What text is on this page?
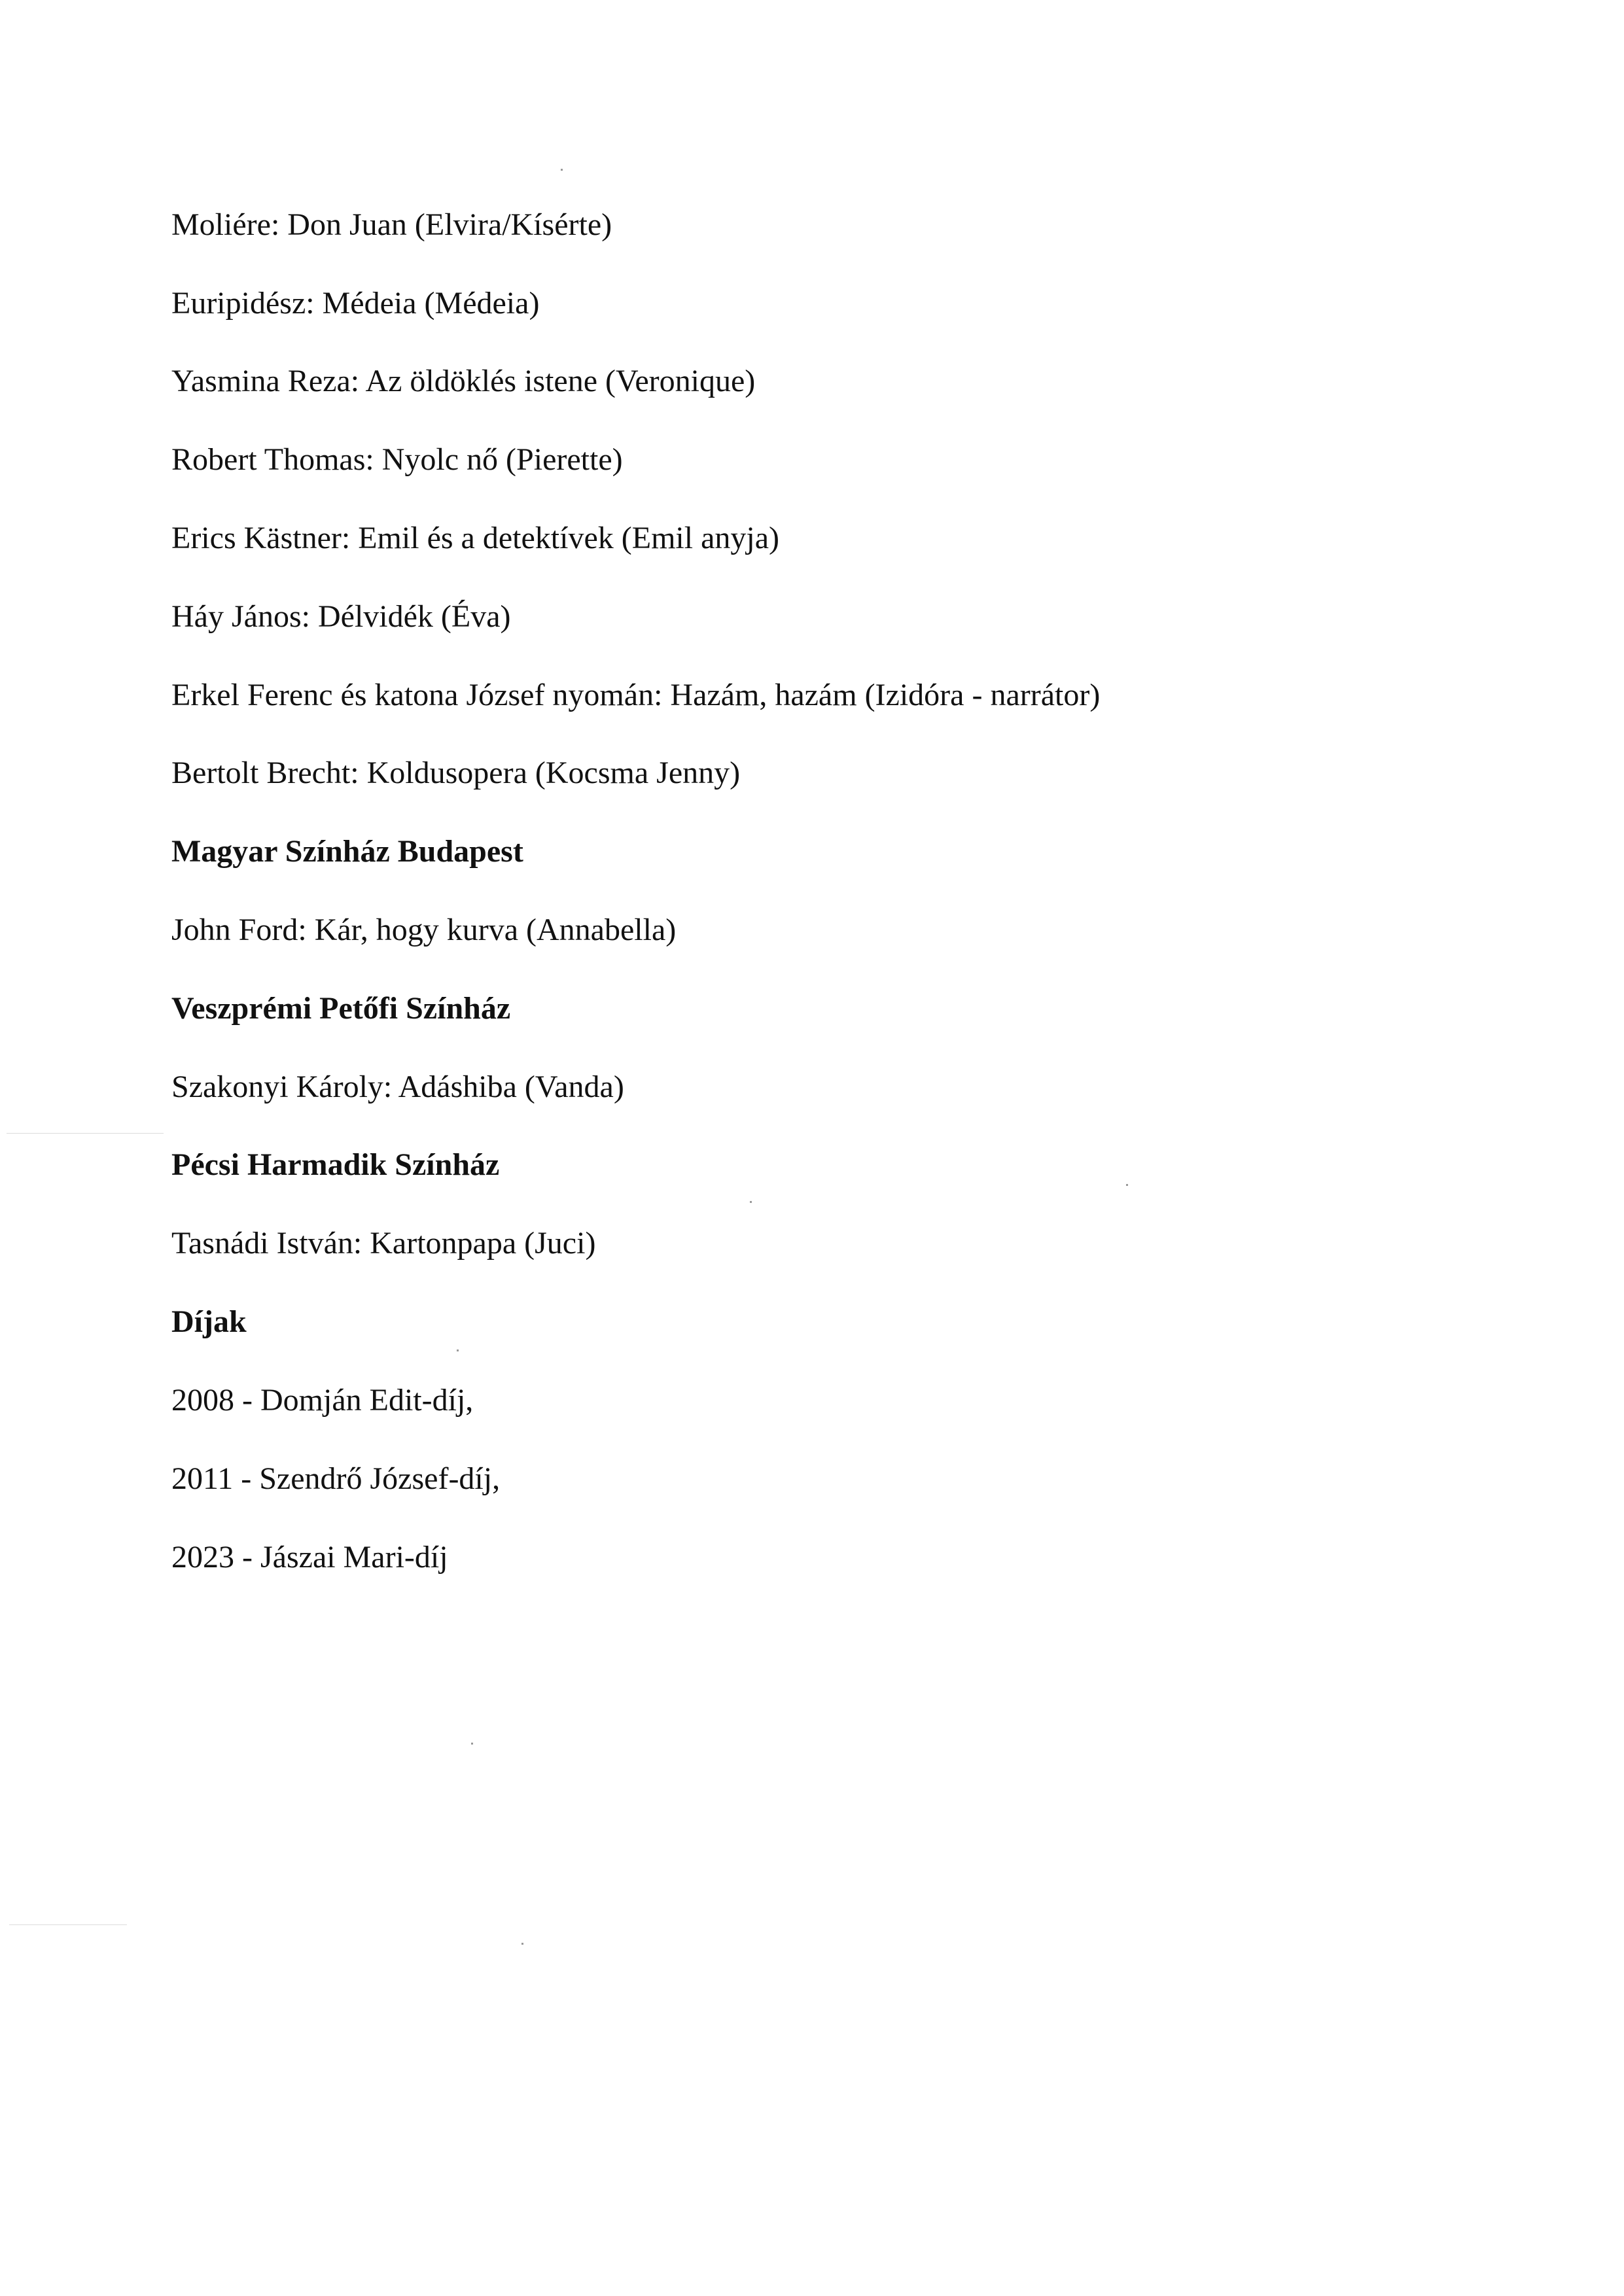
Moliére: Don Juan (Elvira/Kísérte)
Euripidész: Médeia (Médeia)
Yasmina Reza: Az öldöklés istene (Veronique)
Robert Thomas: Nyolc nő (Pierette)
Erics Kästner: Emil és a detektívek (Emil anyja)
Háy János: Délvidék (Éva)
Erkel Ferenc és katona József nyomán: Hazám, hazám (Izidóra - narrátor)
Bertolt Brecht: Koldusopera (Kocsma Jenny)
Magyar Színház Budapest
John Ford: Kár, hogy kurva (Annabella)
Veszprémi Petőfi Színház
Szakonyi Károly: Adáshiba (Vanda)
Pécsi Harmadik Színház
Tasnádi István: Kartonpapa (Juci)
Díjak
2008 - Domján Edit-díj,
2011 - Szendrő József-díj,
2023 - Jászai Mari-díj
